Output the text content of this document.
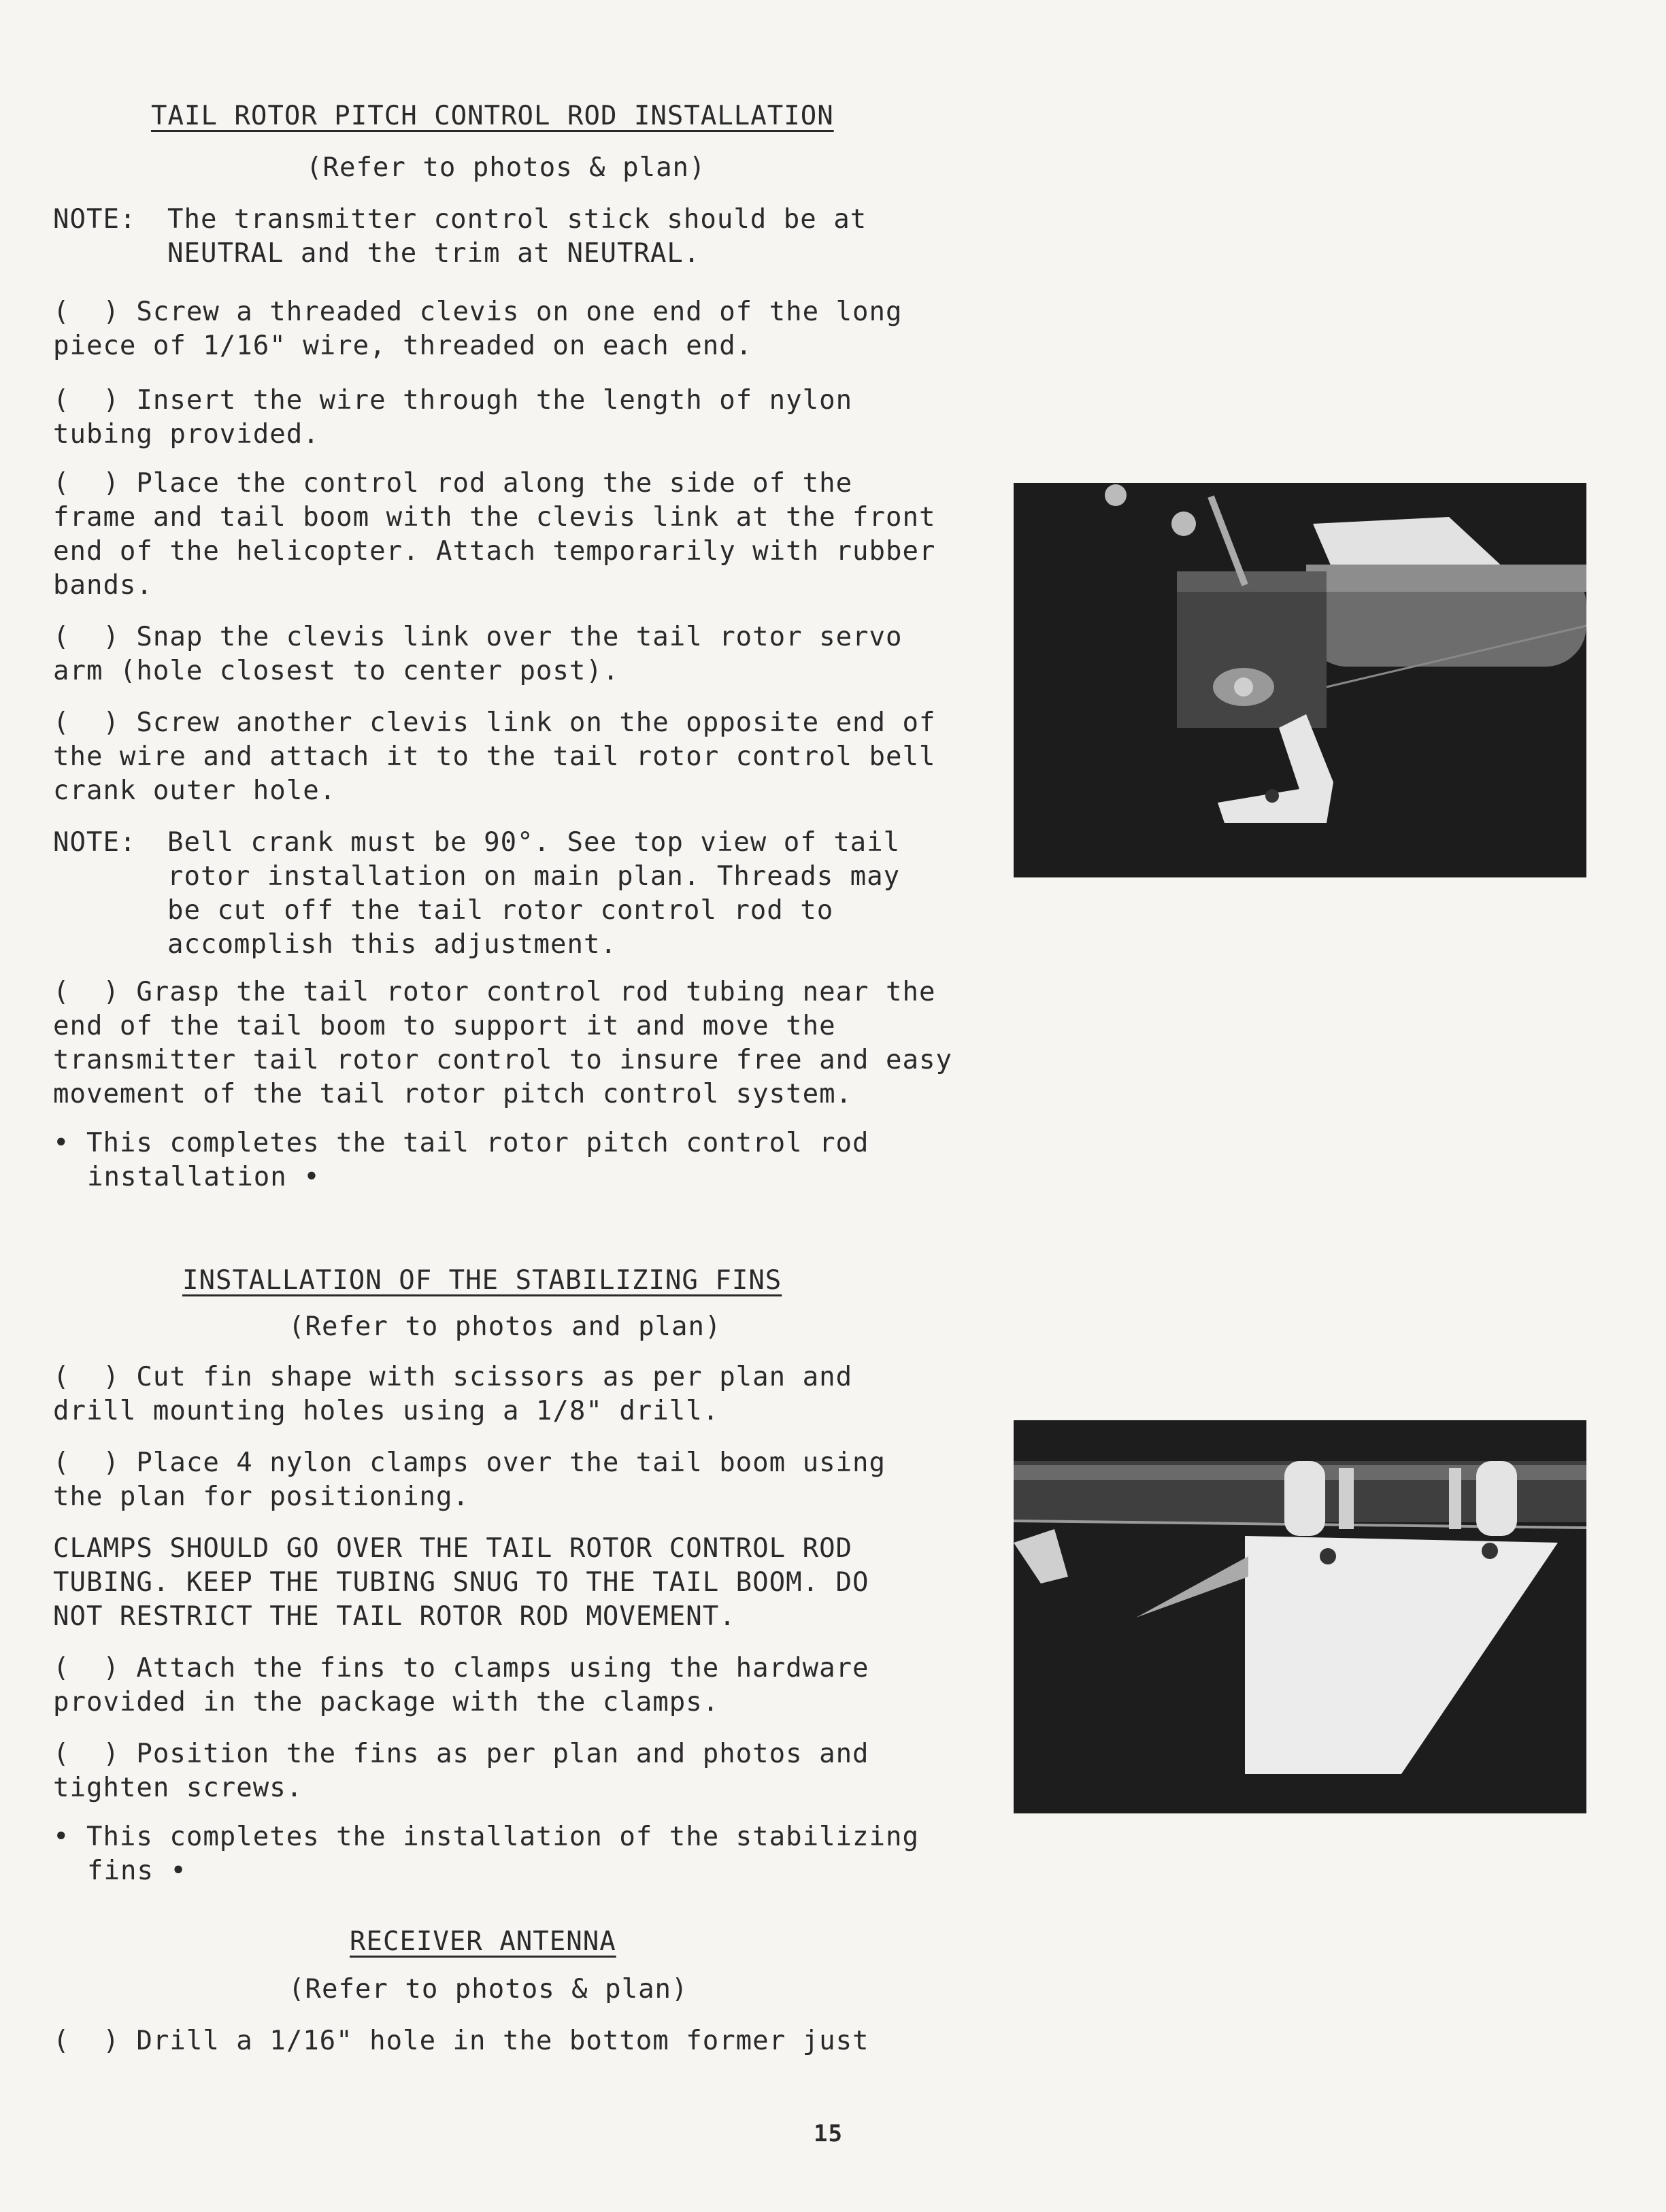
TAIL ROTOR PITCH CONTROL ROD INSTALLATION
(Refer to photos & plan)
NOTE:	The transmitter control stick should be at NEUTRAL and the trim at NEUTRAL.

(  ) Screw a threaded clevis on one end of the long piece of 1/16" wire, threaded on each end.

(  ) Insert the wire through the length of nylon tubing provided.

(  ) Place the control rod along the side of the frame and tail boom with the clevis link at the front end of the helicopter. Attach temporarily with rubber bands.

(  ) Snap the clevis link over the tail rotor servo arm (hole closest to center post).

(  ) Screw another clevis link on the opposite end of the wire and attach it to the tail rotor control bell crank outer hole.

NOTE:	Bell crank must be 90°. See top view of tail rotor installation on main plan. Threads may be cut off the tail rotor control rod to accomplish this adjustment.

(  ) Grasp the tail rotor control rod tubing near the end of the tail boom to support it and move the transmitter tail rotor control to insure free and easy movement of the tail rotor pitch control system.

• This completes the tail rotor pitch control rod installation •

INSTALLATION OF THE STABILIZING FINS
(Refer to photos and plan)

(  ) Cut fin shape with scissors as per plan and drill mounting holes using a 1/8" drill.

(  ) Place 4 nylon clamps over the tail boom using the plan for positioning.

CLAMPS SHOULD GO OVER THE TAIL ROTOR CONTROL ROD TUBING. KEEP THE TUBING SNUG TO THE TAIL BOOM. DO NOT RESTRICT THE TAIL ROTOR ROD MOVEMENT.

(  ) Attach the fins to clamps using the hardware provided in the package with the clamps.

(  ) Position the fins as per plan and photos and tighten screws.

• This completes the installation of the stabilizing fins •

RECEIVER ANTENNA
(Refer to photos & plan)

(  ) Drill a 1/16" hole in the bottom former just

15
